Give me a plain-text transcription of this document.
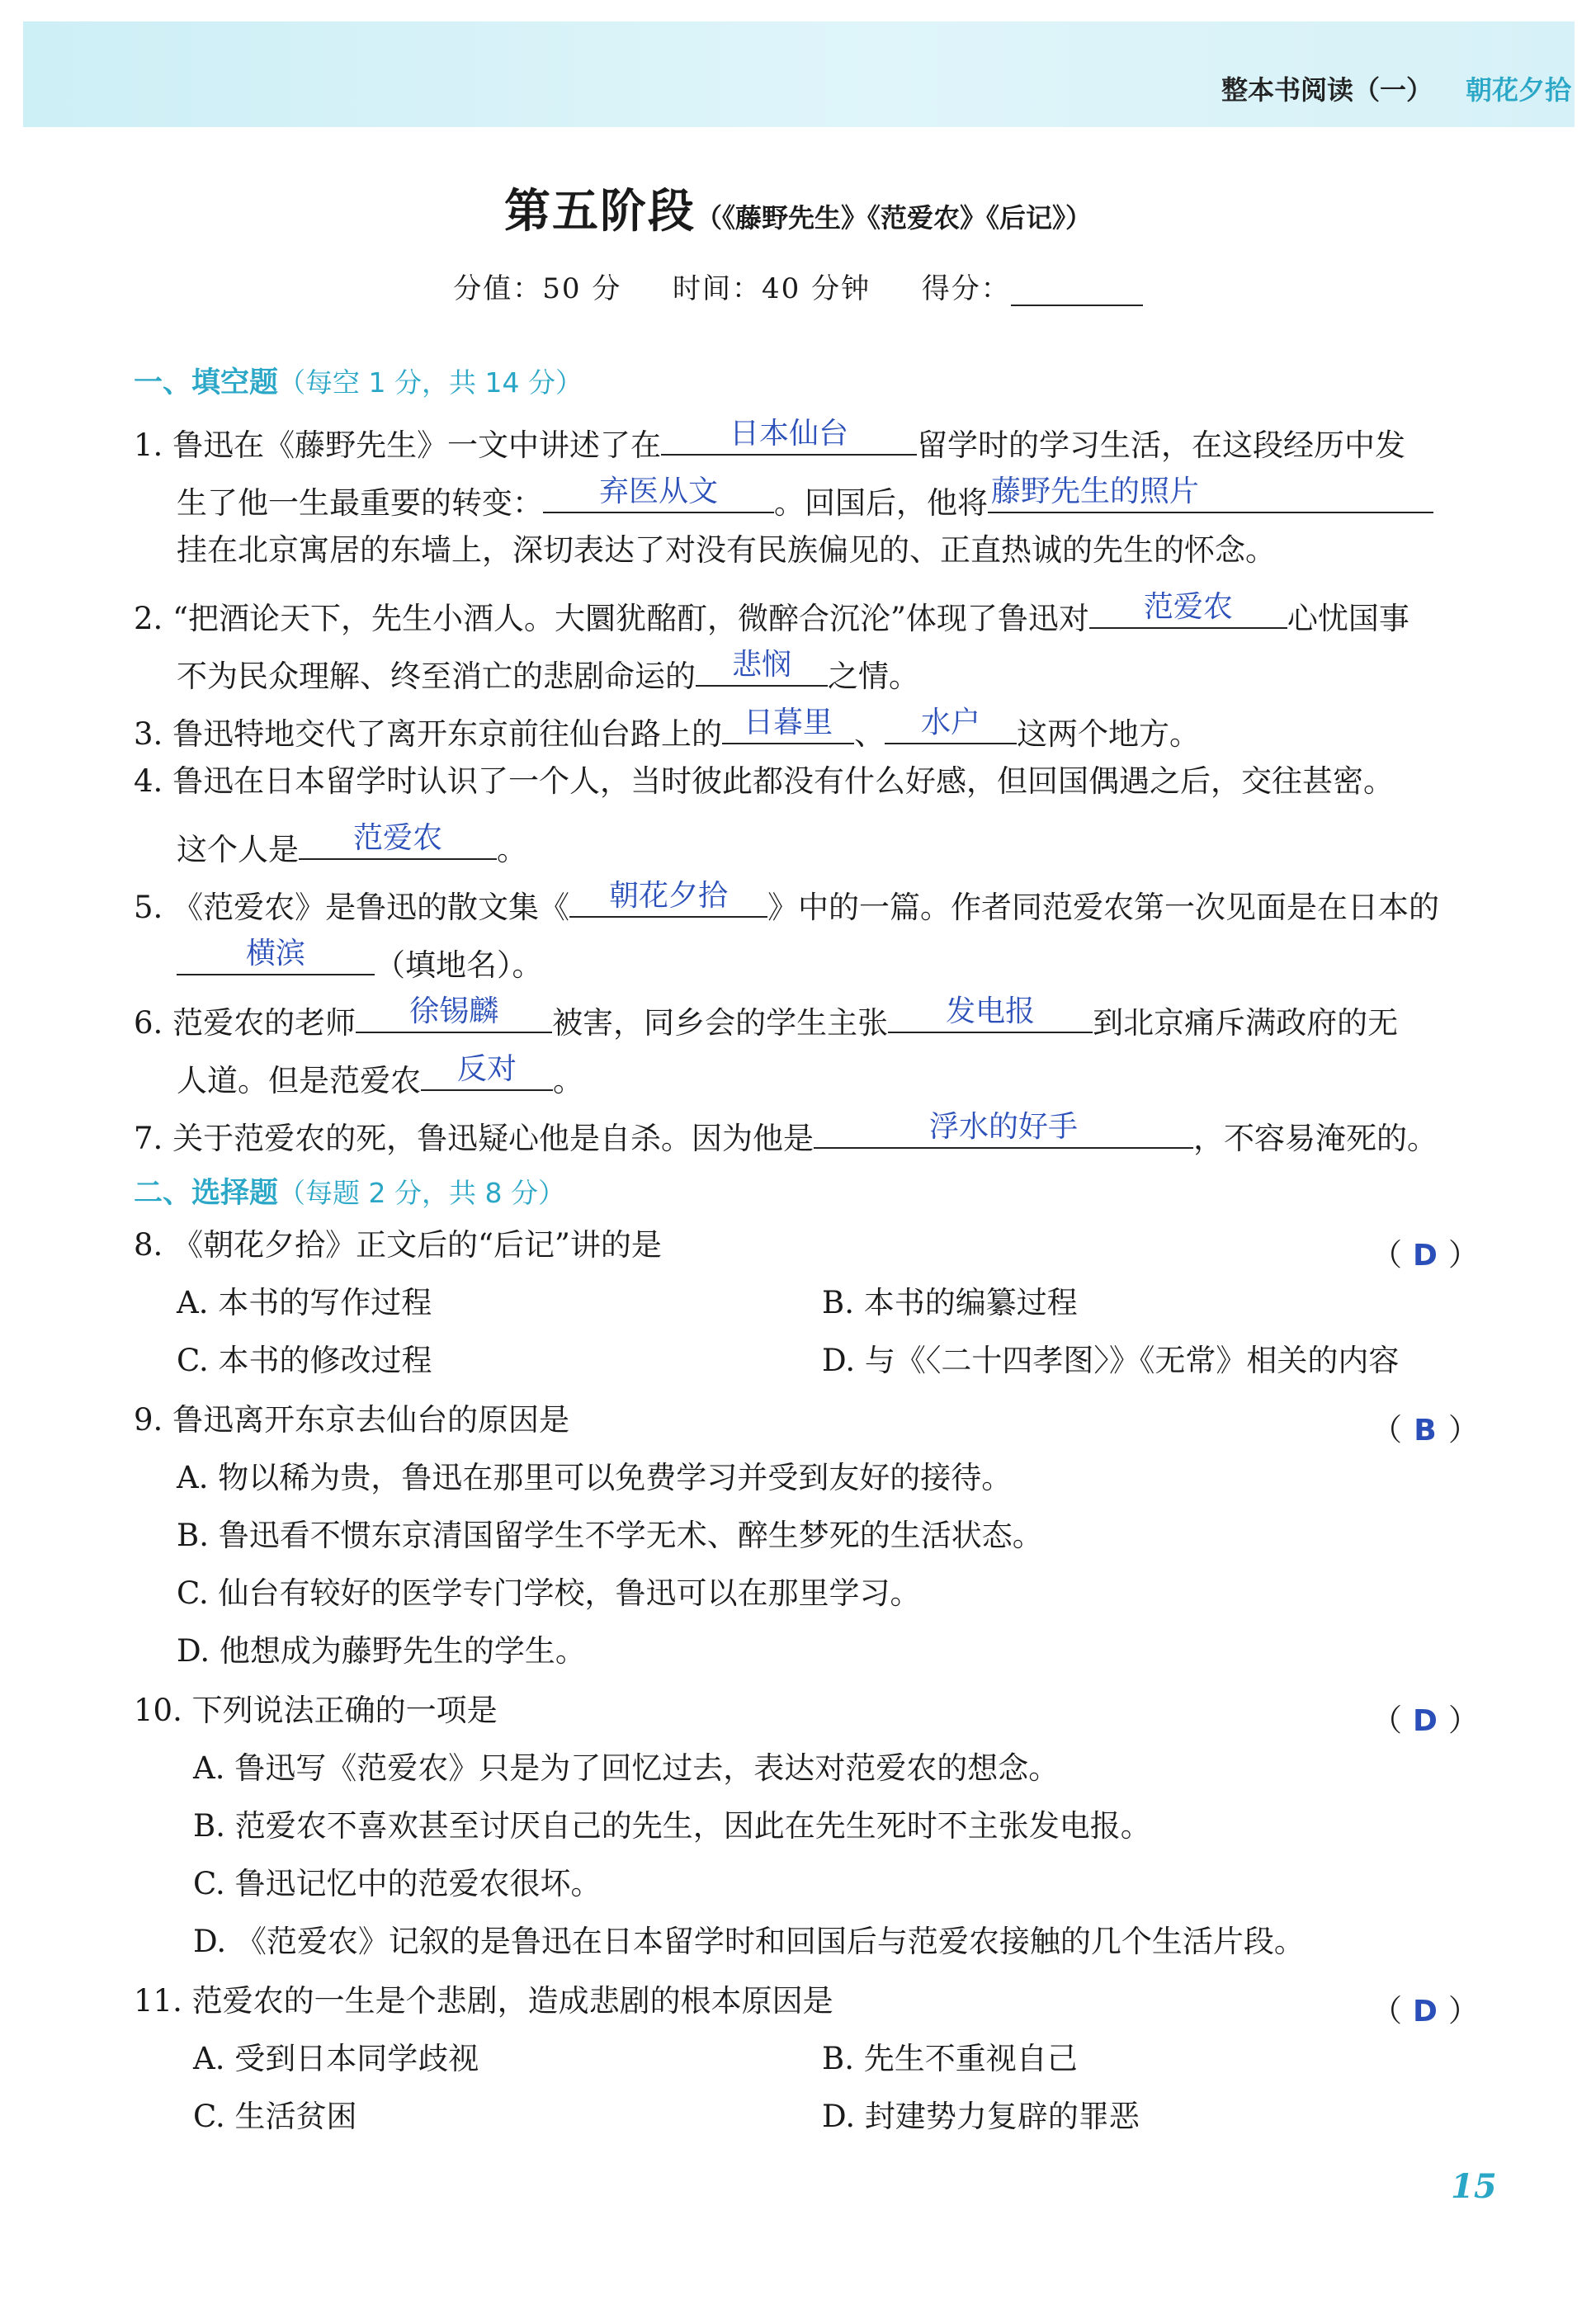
整本书阅读（一） 朝花夕拾
第五阶段（《藤野先生》《范爱农》《后记》）
分值：50 分 时间：40 分钟 得分：
一、填空题（每空 1 分，共 14 分）
1. 鲁迅在《藤野先生》一文中讲述了在	日本仙台	留学时的学习生活，在这段经历中发
生了他一生最重要的转变：	弃医从文	。回国后，他将 藤野先生的照片
挂在北京寓居的东墙上，深切表达了对没有民族偏见的、正直热诚的先生的怀念。
2. “把酒论天下，先生小酒人。大圜犹酩酊，微醉合沉沦”体现了鲁迅对	范爱农	心忧国事
不为民众理解、终至消亡的悲剧命运的	悲悯	之情。
3. 鲁迅特地交代了离开东京前往仙台路上的 日暮里 、	水户	这两个地方。
4. 鲁迅在日本留学时认识了一个人，当时彼此都没有什么好感，但回国偶遇之后，交往甚密。
这个人是	范爱农	。
5. 《范爱农》是鲁迅的散文集《	朝花夕拾	》中的一篇。作者同范爱农第一次见面是在日本的
横滨	（填地名）。
6. 范爱农的老师	徐锡麟	被害，同乡会的学生主张	发电报	到北京痛斥满政府的无
人道。但是范爱农	反对	。
7. 关于范爱农的死，鲁迅疑心他是自杀。因为他是	浮水的好手	，不容易淹死的。
二、选择题（每题 2 分，共 8 分）
8. 《朝花夕拾》正文后的“后记”讲的是	（ D ）
A. 本书的写作过程	B. 本书的编纂过程
C. 本书的修改过程	D. 与《〈二十四孝图〉》《无常》相关的内容
9. 鲁迅离开东京去仙台的原因是	（ B ）
A. 物以稀为贵，鲁迅在那里可以免费学习并受到友好的接待。
B. 鲁迅看不惯东京清国留学生不学无术、醉生梦死的生活状态。
C. 仙台有较好的医学专门学校，鲁迅可以在那里学习。
D. 他想成为藤野先生的学生。
10. 下列说法正确的一项是	（ D ）
A. 鲁迅写《范爱农》只是为了回忆过去，表达对范爱农的想念。
B. 范爱农不喜欢甚至讨厌自己的先生，因此在先生死时不主张发电报。
C. 鲁迅记忆中的范爱农很坏。
D. 《范爱农》记叙的是鲁迅在日本留学时和回国后与范爱农接触的几个生活片段。
11. 范爱农的一生是个悲剧，造成悲剧的根本原因是	（ D ）
A. 受到日本同学歧视	B. 先生不重视自己
C. 生活贫困	D. 封建势力复辟的罪恶
15
